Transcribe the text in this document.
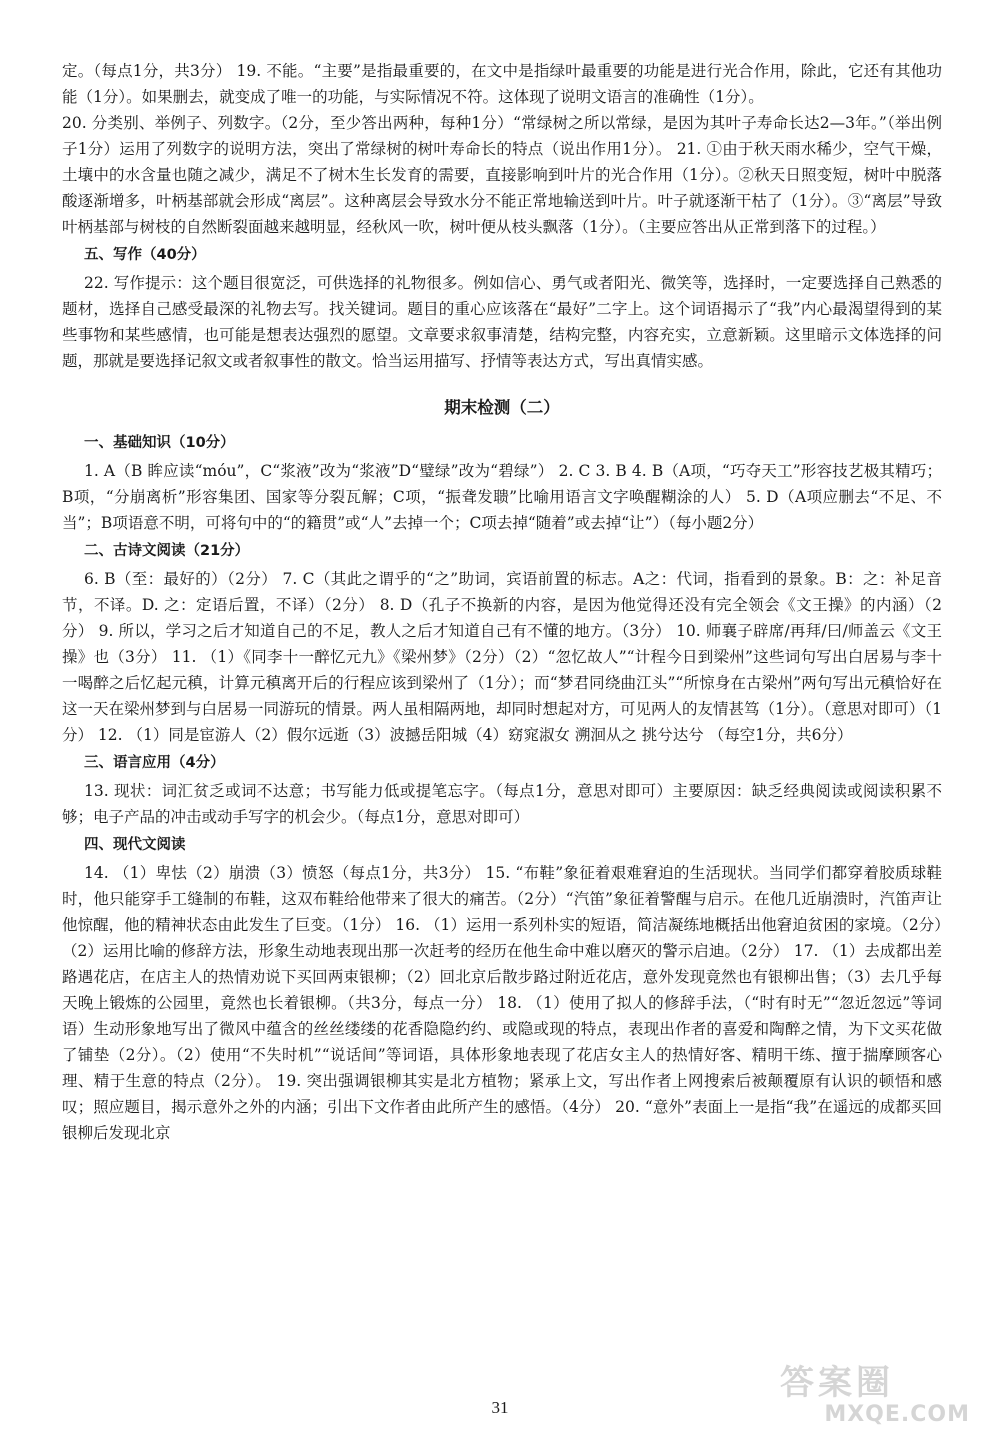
定。（每点1分，共3分） 19. 不能。“主要”是指最重要的，在文中是指绿叶最重要的功能是进行光合作用，除此，它还有其他功能（1分）。如果删去，就变成了唯一的功能，与实际情况不符。这体现了说明文语言的准确性（1分）。

20. 分类别、举例子、列数字。（2分，至少答出两种，每种1分）“常绿树之所以常绿，是因为其叶子寿命长达2—3年。”（举出例子1分）运用了列数字的说明方法，突出了常绿树的树叶寿命长的特点（说出作用1分）。 21. ①由于秋天雨水稀少，空气干燥，土壤中的水含量也随之减少，满足不了树木生长发育的需要，直接影响到叶片的光合作用（1分）。②秋天日照变短，树叶中脱落酸逐渐增多，叶柄基部就会形成“离层”。这种离层会导致水分不能正常地输送到叶片。叶子就逐渐干枯了（1分）。③“离层”导致叶柄基部与树枝的自然断裂面越来越明显，经秋风一吹，树叶便从枝头飘落（1分）。（主要应答出从正常到落下的过程。）

五、写作（40分）

22. 写作提示：这个题目很宽泛，可供选择的礼物很多。例如信心、勇气或者阳光、微笑等，选择时，一定要选择自己熟悉的题材，选择自己感受最深的礼物去写。找关键词。题目的重心应该落在“最好”二字上。这个词语揭示了“我”内心最渴望得到的某些事物和某些感情，也可能是想表达强烈的愿望。文章要求叙事清楚，结构完整，内容充实，立意新颖。这里暗示文体选择的问题，那就是要选择记叙文或者叙事性的散文。恰当运用描写、抒情等表达方式，写出真情实感。

期末检测（二）
一、基础知识（10分）

1. A（B 眸应读“móu”，C“浆液”改为“浆液”D“璧绿”改为“碧绿”） 2. C 3. B 4. B（A项，“巧夺天工”形容技艺极其精巧；B项，“分崩离析”形容集团、国家等分裂瓦解；C项，“振聋发聩”比喻用语言文字唤醒糊涂的人） 5. D（A项应删去“不足、不当”；B项语意不明，可将句中的“的籍贯”或“人”去掉一个；C项去掉“随着”或去掉“让”）（每小题2分）

二、古诗文阅读（21分）

6. B（至：最好的）（2分） 7. C（其此之谓乎的“之”助词，宾语前置的标志。A之：代词，指看到的景象。B：之：补足音节，不译。D. 之：定语后置，不译）（2分） 8. D（孔子不换新的内容，是因为他觉得还没有完全领会《文王操》的内涵）（2分） 9. 所以，学习之后才知道自己的不足，教人之后才知道自己有不懂的地方。（3分） 10. 师襄子辟席/再拜/曰/师盖云《文王操》也（3分） 11. （1）《同李十一醉忆元九》《梁州梦》（2分）（2）“忽忆故人”“计程今日到梁州”这些词句写出白居易与李十一喝醉之后忆起元稹，计算元稹离开后的行程应该到梁州了（1分）；而“梦君同绕曲江头”“所惊身在古梁州”两句写出元稹恰好在这一天在梁州梦到与白居易一同游玩的情景。两人虽相隔两地，却同时想起对方，可见两人的友情甚笃（1分）。（意思对即可）（1分） 12. （1）同是宦游人（2）假尔远逝（3）波撼岳阳城（4）窈窕淑女 溯洄从之 挑兮达兮 （每空1分，共6分）

三、语言应用（4分）

13. 现状：词汇贫乏或词不达意；书写能力低或提笔忘字。（每点1分，意思对即可）主要原因：缺乏经典阅读或阅读积累不够；电子产品的冲击或动手写字的机会少。（每点1分，意思对即可）

四、现代文阅读

14. （1）卑怯（2）崩溃（3）愤怒（每点1分，共3分） 15. “布鞋”象征着艰难窘迫的生活现状。当同学们都穿着胶质球鞋时，他只能穿手工缝制的布鞋，这双布鞋给他带来了很大的痛苦。（2分）“汽笛”象征着警醒与启示。在他几近崩溃时，汽笛声让他惊醒，他的精神状态由此发生了巨变。（1分） 16. （1）运用一系列朴实的短语，简洁凝练地概括出他窘迫贫困的家境。（2分）（2）运用比喻的修辞方法，形象生动地表现出那一次赶考的经历在他生命中难以磨灭的警示启迪。（2分） 17. （1）去成都出差路遇花店，在店主人的热情劝说下买回两束银柳；（2）回北京后散步路过附近花店，意外发现竟然也有银柳出售；（3）去几乎每天晚上锻炼的公园里，竟然也长着银柳。（共3分，每点一分） 18. （1）使用了拟人的修辞手法，（“时有时无”“忽近忽远”等词语）生动形象地写出了微风中蕴含的丝丝缕缕的花香隐隐约约、或隐或现的特点，表现出作者的喜爱和陶醉之情，为下文买花做了铺垫（2分）。（2）使用“不失时机”“说话间”等词语，具体形象地表现了花店女主人的热情好客、精明干练、擅于揣摩顾客心理、精于生意的特点（2分）。 19. 突出强调银柳其实是北方植物；紧承上文，写出作者上网搜索后被颠覆原有认识的顿悟和感叹；照应题目，揭示意外之外的内涵；引出下文作者由此所产生的感悟。（4分） 20. “意外”表面上一是指“我”在遥远的成都买回银柳后发现北京

31
答案圈
MXQE.COM
